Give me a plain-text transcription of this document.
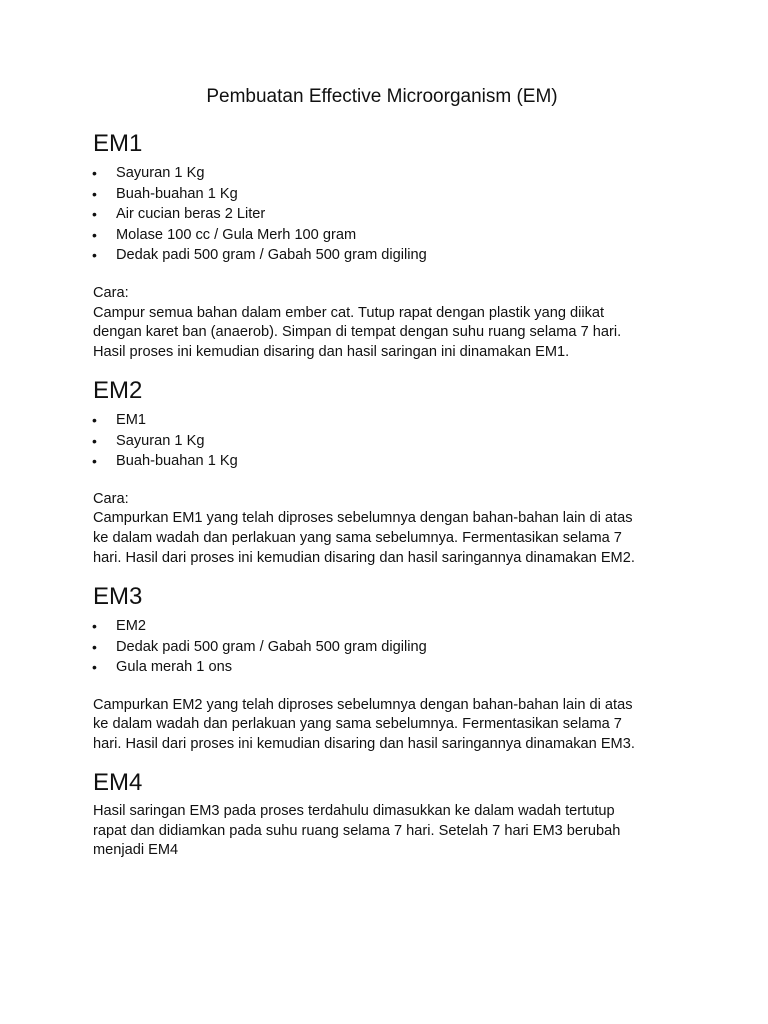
Pembuatan Effective Microorganism (EM)
EM1
• Sayuran 1 Kg
• Buah-buahan 1 Kg
• Air cucian beras 2 Liter
• Molase 100 cc / Gula Merh 100 gram
• Dedak padi 500 gram / Gabah 500 gram digiling

Cara:

Campur semua bahan dalam ember cat. Tutup rapat dengan plastik yang diikat

dengan karet ban (anaerob). Simpan di tempat dengan suhu ruang selama 7 hari.

Hasil proses ini kemudian disaring dan hasil saringan ini dinamakan EM1.

EM2
• EM1
• Sayuran 1 Kg
• Buah-buahan 1 Kg

Cara:

Campurkan EM1 yang telah diproses sebelumnya dengan bahan-bahan lain di atas

ke dalam wadah dan perlakuan yang sama sebelumnya. Fermentasikan selama 7

hari. Hasil dari proses ini kemudian disaring dan hasil saringannya dinamakan EM2.

EM3
• EM2
• Dedak padi 500 gram / Gabah 500 gram digiling
• Gula merah 1 ons

Campurkan EM2 yang telah diproses sebelumnya dengan bahan-bahan lain di atas

ke dalam wadah dan perlakuan yang sama sebelumnya. Fermentasikan selama 7

hari. Hasil dari proses ini kemudian disaring dan hasil saringannya dinamakan EM3.

EM4

Hasil saringan EM3 pada proses terdahulu dimasukkan ke dalam wadah tertutup

rapat dan didiamkan pada suhu ruang selama 7 hari. Setelah 7 hari EM3 berubah

menjadi EM4
